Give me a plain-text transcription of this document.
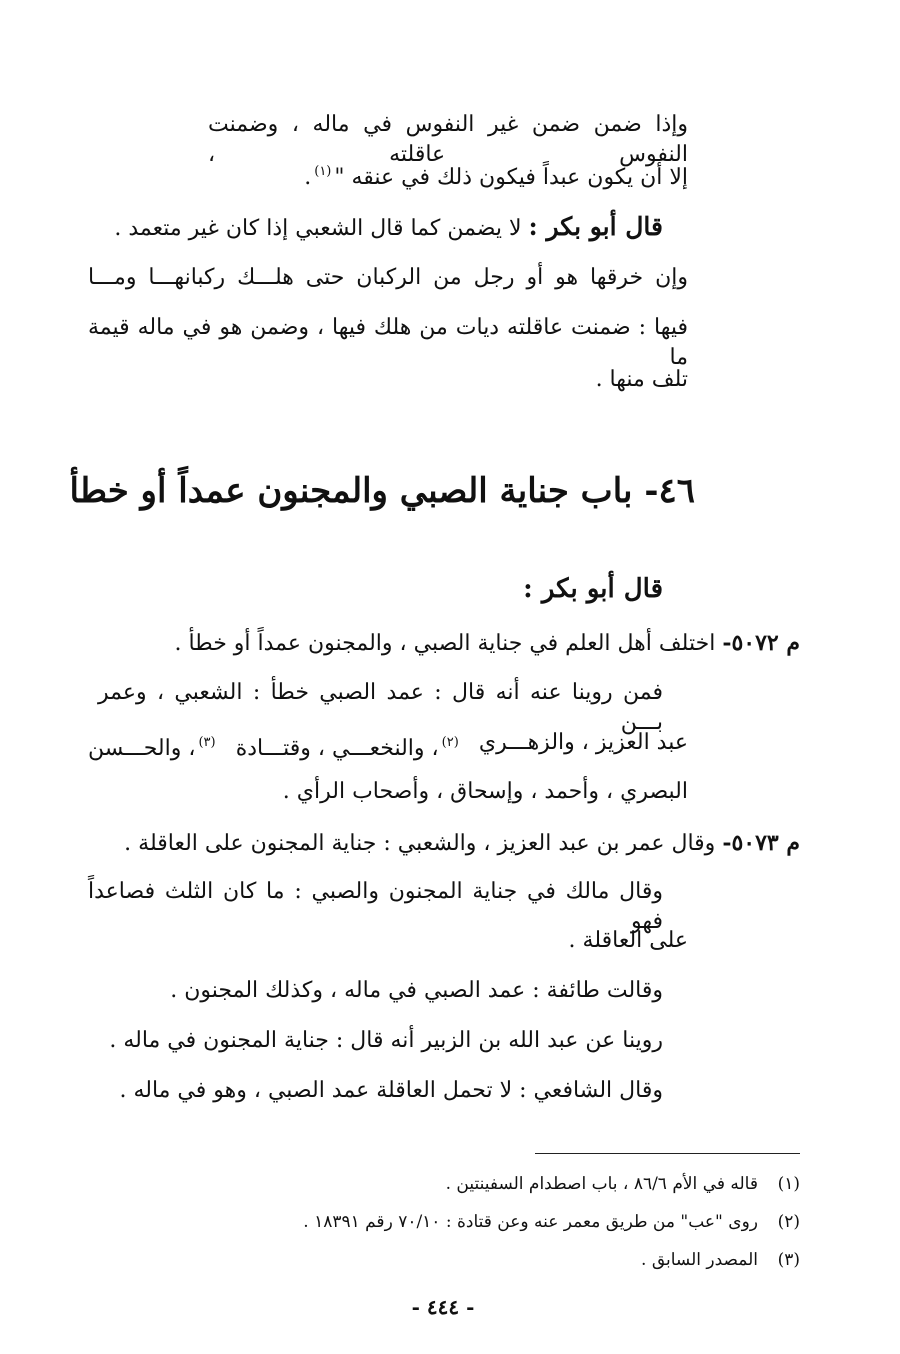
وإذا ضمن ضمن غير النفوس في ماله ، وضمنت النفوس عاقلته ،
إلا أن يكون عبداً فيكون ذلك في عنقه "$^{(١)}$.
قال أبو بكر : لا يضمن كما قال الشعبي إذا كان غير متعمد .
وإن خرقها هو أو رجل من الركبان حتى هلـــك ركبانهـــا ومـــا
فيها : ضمنت عاقلته ديات من هلك فيها ، وضمن هو في ماله قيمة ما
تلف منها .
٤٦- باب جناية الصبي والمجنون عمداً أو خطأ
قال أبو بكر :
م ٥٠٧٢- اختلف أهل العلم في جناية الصبي ، والمجنون عمداً أو خطأ .
فمن روينا عنه أنه قال : عمد الصبي خطأ : الشعبي ، وعمر بـــن
عبد العزيز ، والزهـــري
$^{(٢)}$، والنخعـــي ، وقتـــادة
$^{(٣)}$، والحـــسن
البصري ، وأحمد ، وإسحاق ، وأصحاب الرأي .
م ٥٠٧٣- وقال عمر بن عبد العزيز ، والشعبي : جناية المجنون على العاقلة .
وقال مالك في جناية المجنون والصبي : ما كان الثلث فصاعداً فهو
على العاقلة .
وقالت طائفة : عمد الصبي في ماله ، وكذلك المجنون .
روينا عن عبد الله بن الزبير أنه قال : جناية المجنون في ماله .
وقال الشافعي : لا تحمل العاقلة عمد الصبي ، وهو في ماله .
(١)قاله في الأم ٨٦/٦ ، باب اصطدام السفينتين .
(٢)روى "عب" من طريق معمر عنه وعن قتادة : ٧٠/١٠ رقم ١٨٣٩١ .
(٣)المصدر السابق .
- ٤٤٤ -
